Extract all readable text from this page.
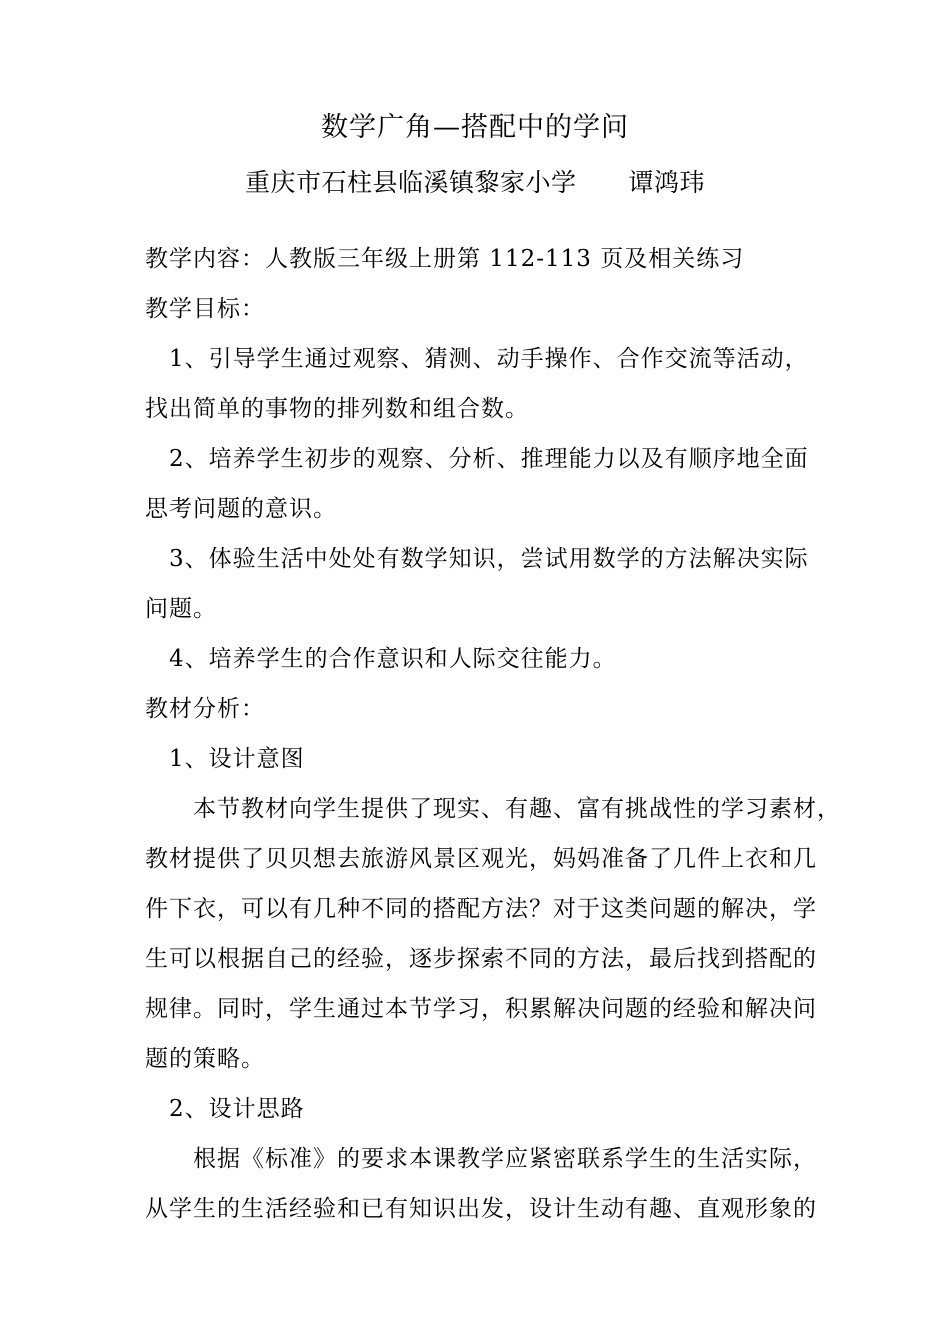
数学广角—搭配中的学问
重庆市石柱县临溪镇黎家小学 谭鸿玮
教学内容：人教版三年级上册第 112-113 页及相关练习
教学目标：
1、引导学生通过观察、猜测、动手操作、合作交流等活动，
找出简单的事物的排列数和组合数。
2、培养学生初步的观察、分析、推理能力以及有顺序地全面
思考问题的意识。
3、体验生活中处处有数学知识，尝试用数学的方法解决实际
问题。
4、培养学生的合作意识和人际交往能力。
教材分析：
1、设计意图
本节教材向学生提供了现实、有趣、富有挑战性的学习素材，
教材提供了贝贝想去旅游风景区观光，妈妈准备了几件上衣和几
件下衣，可以有几种不同的搭配方法？对于这类问题的解决，学
生可以根据自己的经验，逐步探索不同的方法，最后找到搭配的
规律。同时，学生通过本节学习，积累解决问题的经验和解决问
题的策略。
2、设计思路
根据《标准》的要求本课教学应紧密联系学生的生活实际，
从学生的生活经验和已有知识出发，设计生动有趣、直观形象的
